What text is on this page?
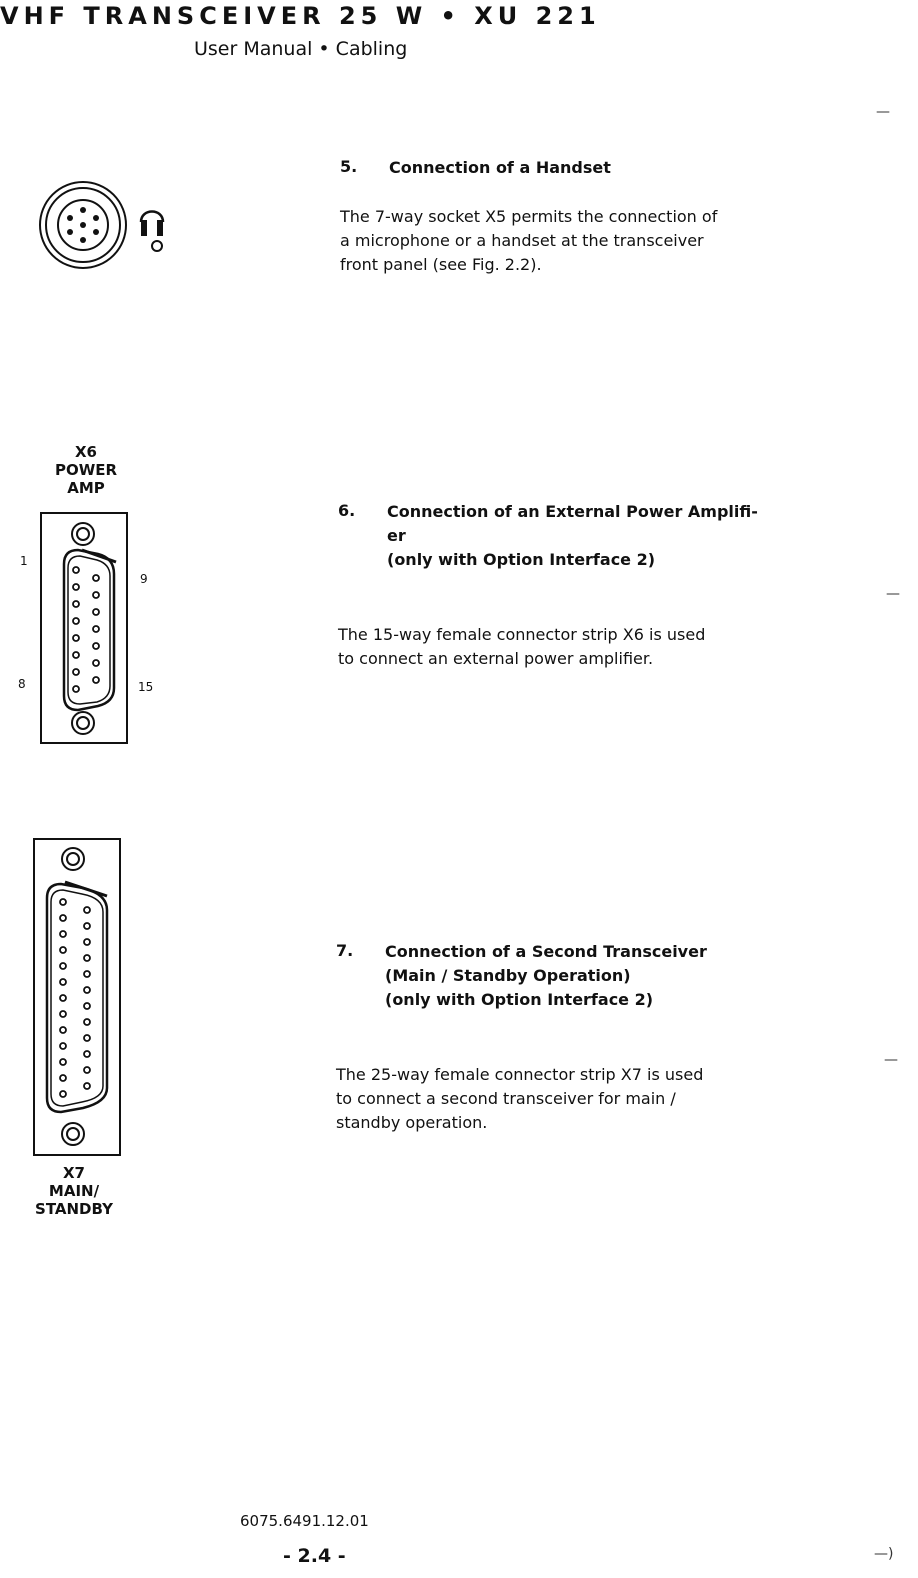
VHF TRANSCEIVER 25 W • XU 221
User Manual • Cabling
—
—
—
—)
5. Connection of a Handset
The 7-way socket X5 permits the connection of
a microphone or a handset at the transceiver
front panel (see Fig. 2.2).
X6
POWER
AMP
1
9
8	15
6. Connection of an External Power Amplifi-
er
(only with Option Interface 2)
The 15-way female connector strip X6 is used
to connect an external power amplifier.
X7
MAIN/
STANDBY
7. Connection of a Second Transceiver
(Main / Standby Operation)
(only with Option Interface 2)
The 25-way female connector strip X7 is used
to connect a second transceiver for main /
standby operation.
6075.6491.12.01
- 2.4 -
